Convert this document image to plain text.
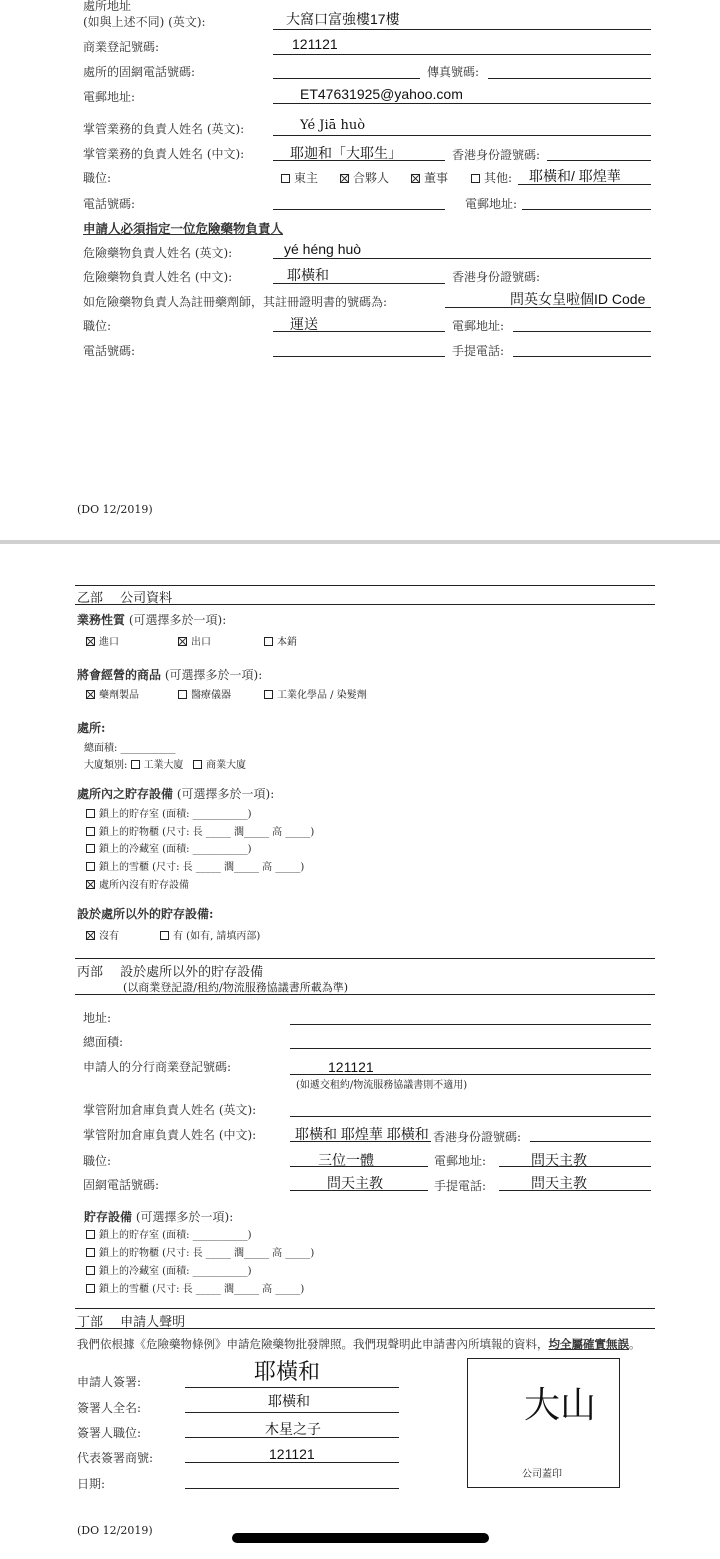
處所地址
(如與上述不同) (英文):	大窩口富強樓17樓
商業登記號碼:	121121
處所的固網電話號碼:	傳真號碼:
電郵地址:	ET47631925@yahoo.com
掌管業務的負責人姓名 (英文):	Yé Jiā huò
掌管業務的負責人姓名 (中文):	耶迦和「大耶生」	香港身份證號碼:
職位:	東主	合夥人	董事	其他: 耶橫和/ 耶煌華
電話號碼:	電郵地址:
申請人必須指定一位危險藥物負責人
危險藥物負責人姓名 (英文):	yé héng huò
危險藥物負責人姓名 (中文):	耶橫和	香港身份證號碼:
如危險藥物負責人為註冊藥劑師，其註冊證明書的號碼為:	問英女皇啦個ID Code
職位:	運送	電郵地址:
電話號碼:	手提電話:
(DO 12/2019)
乙部　 公司資料
業務性質 (可選擇多於一項):
進口	出口	本銷
將會經營的商品 (可選擇多於一項):
藥劑製品	醫療儀器	工業化學品 / 染髮劑
處所:
總面積: ___________
大廈類別: 工業大廈 商業大廈
處所內之貯存設備 (可選擇多於一項):
鎖上的貯存室 (面積: ___________)
鎖上的貯物櫃 (尺寸: 長 _____ 濶_____ 高 _____)
鎖上的冷藏室 (面積: ___________)
鎖上的雪櫃 (尺寸: 長 _____ 濶_____ 高 _____)
處所內沒有貯存設備
設於處所以外的貯存設備:
沒有	有 (如有, 請填丙部)
丙部　 設於處所以外的貯存設備
(以商業登記證/租約/物流服務協議書所載為準)
地址:
總面積:
申請人的分行商業登記號碼:	121121
(如遞交租約/物流服務協議書則不適用)
掌管附加倉庫負責人姓名 (英文):
掌管附加倉庫負責人姓名 (中文):	耶橫和 耶煌華 耶橫和 香港身份證號碼:
職位:	三位一體	電郵地址:	問天主教
固網電話號碼:	問天主教	手提電話:	問天主教
貯存設備 (可選擇多於一項):
鎖上的貯存室 (面積: ___________)
鎖上的貯物櫃 (尺寸: 長 _____ 濶_____ 高 _____)
鎖上的冷藏室 (面積: ___________)
鎖上的雪櫃 (尺寸: 長 _____ 濶_____ 高 _____)
丁部　 申請人聲明
我們依根據《危險藥物條例》申請危險藥物批發牌照。我們現聲明此申請書內所填報的資料，均全屬確實無誤。
申請人簽署:	耶橫和
簽署人全名:	耶橫和
簽署人職位:	木星之子
代表簽署商號:	121121
日期:
大山
公司蓋印
(DO 12/2019)
